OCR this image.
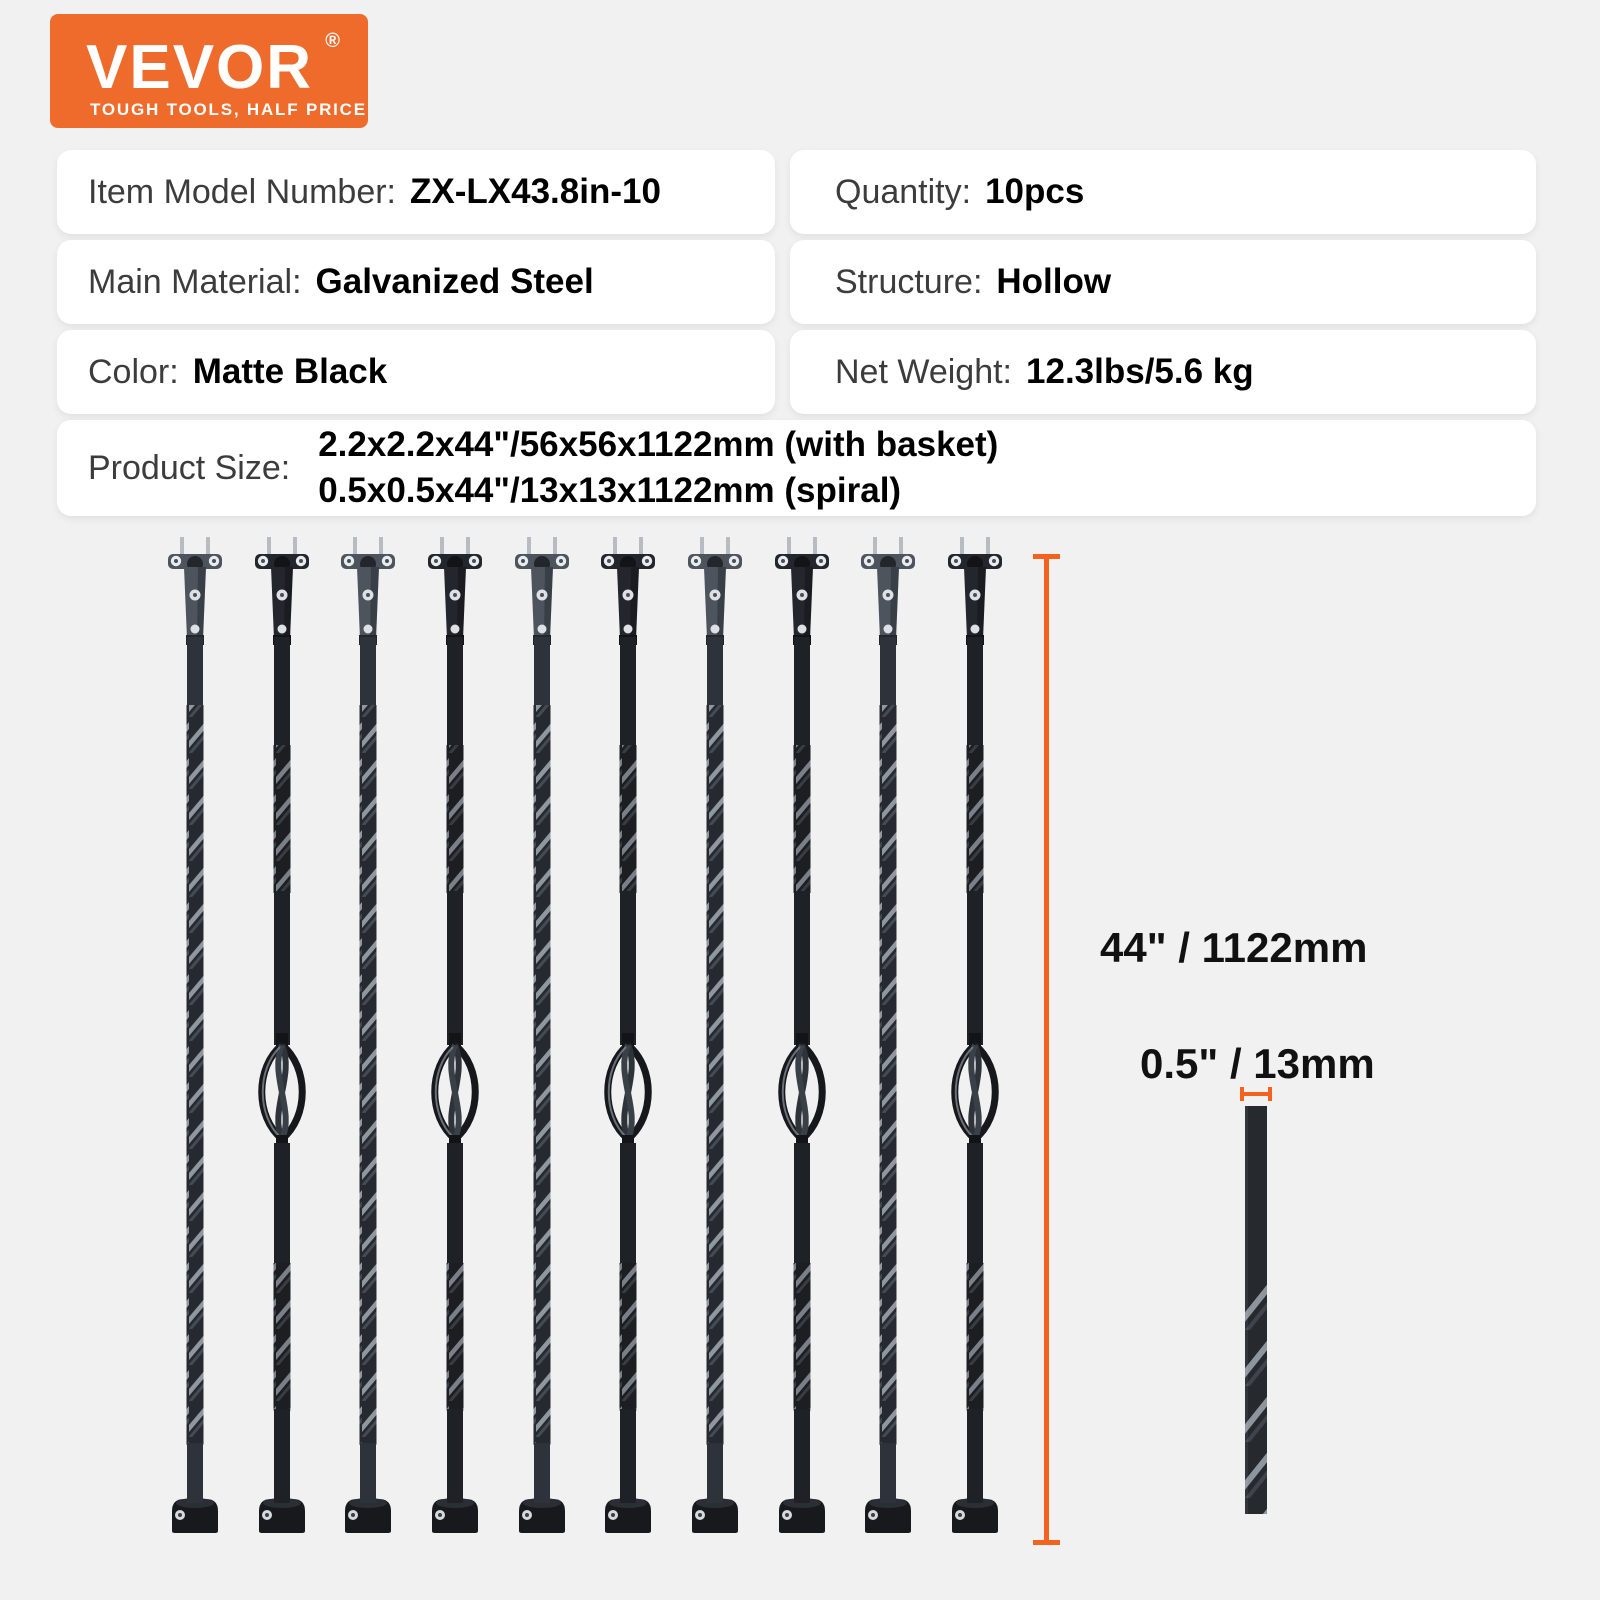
VEVOR ®
TOUGH TOOLS, HALF PRICE
Item Model Number: ZX-LX43.8in-10	Quantity: 10pcs
Main Material: Galvanized Steel	Structure: Hollow
Color: Matte Black	Net Weight: 12.3lbs/5.6 kg
Product Size:
2.2x2.2x44"/56x56x1122mm (with basket)
0.5x0.5x44"/13x13x1122mm (spiral)
44" / 1122mm
0.5" / 13mm
